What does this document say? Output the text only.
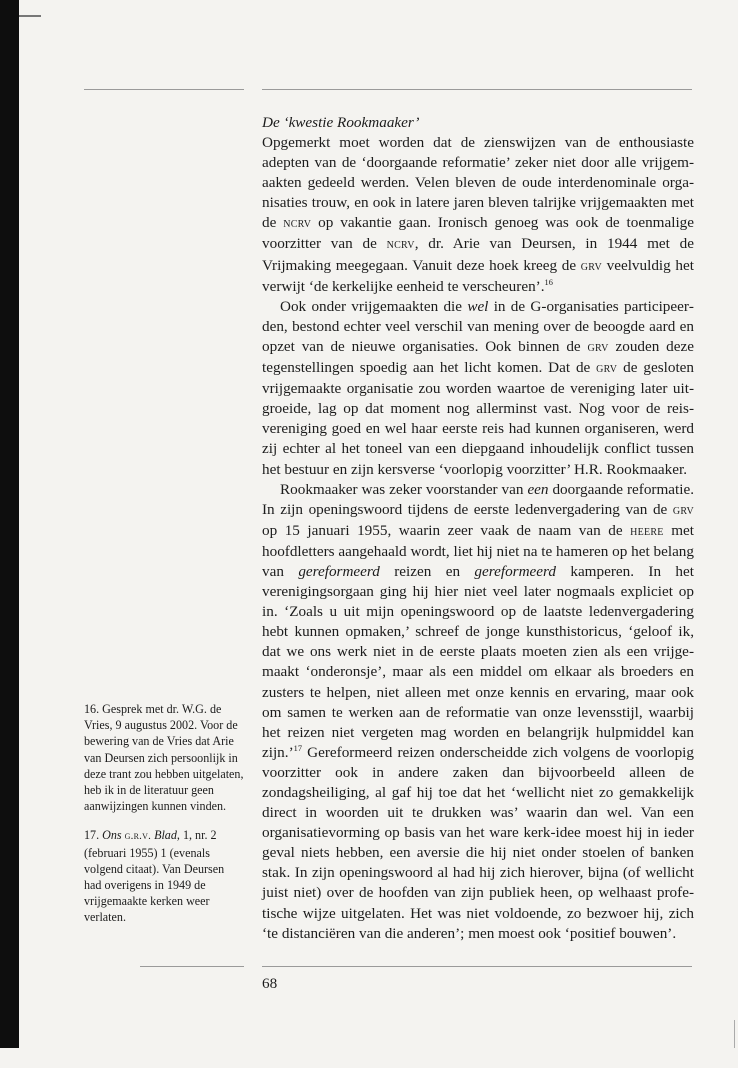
De ‘kwestie Rookmaaker’

Opgemerkt moet worden dat de zienswijzen van de enthousiaste adepten van de ‘doorgaande reformatie’ zeker niet door alle vrijgemaakten gedeeld werden. Velen bleven de oude interdenominale organisaties trouw, en ook in latere jaren bleven talrijke vrijgemaakten met de ncrv op vakantie gaan. Ironisch genoeg was ook de toenmalige voorzitter van de ncrv, dr. Arie van Deursen, in 1944 met de Vrijmaking meegegaan. Vanuit deze hoek kreeg de grv veelvuldig het verwijt ‘de kerkelijke eenheid te verscheuren’.$^{16}$

Ook onder vrijgemaakten die wel in de G-organisaties participeerden, bestond echter veel verschil van mening over de beoogde aard en opzet van de nieuwe organisaties. Ook binnen de grv zouden deze tegenstellingen spoedig aan het licht komen. Dat de grv de gesloten vrijgemaakte organisatie zou worden waartoe de vereniging later uitgroeide, lag op dat moment nog allerminst vast. Nog voor de reisvereniging goed en wel haar eerste reis had kunnen organiseren, werd zij echter al het toneel van een diepgaand inhoudelijk conflict tussen het bestuur en zijn kersverse ‘voorlopig voorzitter’ H.R. Rookmaaker.

Rookmaaker was zeker voorstander van een doorgaande reformatie. In zijn openingswoord tijdens de eerste ledenvergadering van de grv op 15 januari 1955, waarin zeer vaak de naam van de heere met hoofdletters aangehaald wordt, liet hij niet na te hameren op het belang van gereformeerd reizen en gereformeerd kamperen. In het verenigingsorgaan ging hij hier niet veel later nogmaals expliciet op in. ‘Zoals u uit mijn openingswoord op de laatste ledenvergadering hebt kunnen opmaken,’ schreef de jonge kunsthistoricus, ‘geloof ik, dat we ons werk niet in de eerste plaats moeten zien als een vrijgemaakt ‘onderonsje’, maar als een middel om elkaar als broeders en zusters te helpen, niet alleen met onze kennis en ervaring, maar ook om samen te werken aan de reformatie van onze levensstijl, waarbij het reizen niet vergeten mag worden en belangrijk hulpmiddel kan zijn.’$^{17}$ Gereformeerd reizen onderscheidde zich volgens de voorlopig voorzitter ook in andere zaken dan bijvoorbeeld alleen de zondagsheiliging, al gaf hij toe dat het ‘wellicht niet zo gemakkelijk direct in woorden uit te drukken was’ waarin dan wel. Van een organisatievorming op basis van het ware kerk-idee moest hij in ieder geval niets hebben, een aversie die hij niet onder stoelen of banken stak. In zijn openingswoord al had hij zich hierover, bijna (of wellicht juist niet) over de hoofden van zijn publiek heen, op welhaast profetische wijze uitgelaten. Het was niet voldoende, zo bezwoer hij, zich ‘te distanciëren van die anderen’; men moest ook ‘positief bouwen’.

16. Gesprek met dr. W.G. de Vries, 9 augustus 2002. Voor de bewering van de Vries dat Arie van Deursen zich persoonlijk in deze trant zou hebben uitgelaten, heb ik in de literatuur geen aanwijzingen kunnen vinden.

17. Ons g.r.v. Blad, 1, nr. 2 (februari 1955) 1 (evenals volgend citaat). Van Deursen had overigens in 1949 de vrijgemaakte kerken weer verlaten.

68
